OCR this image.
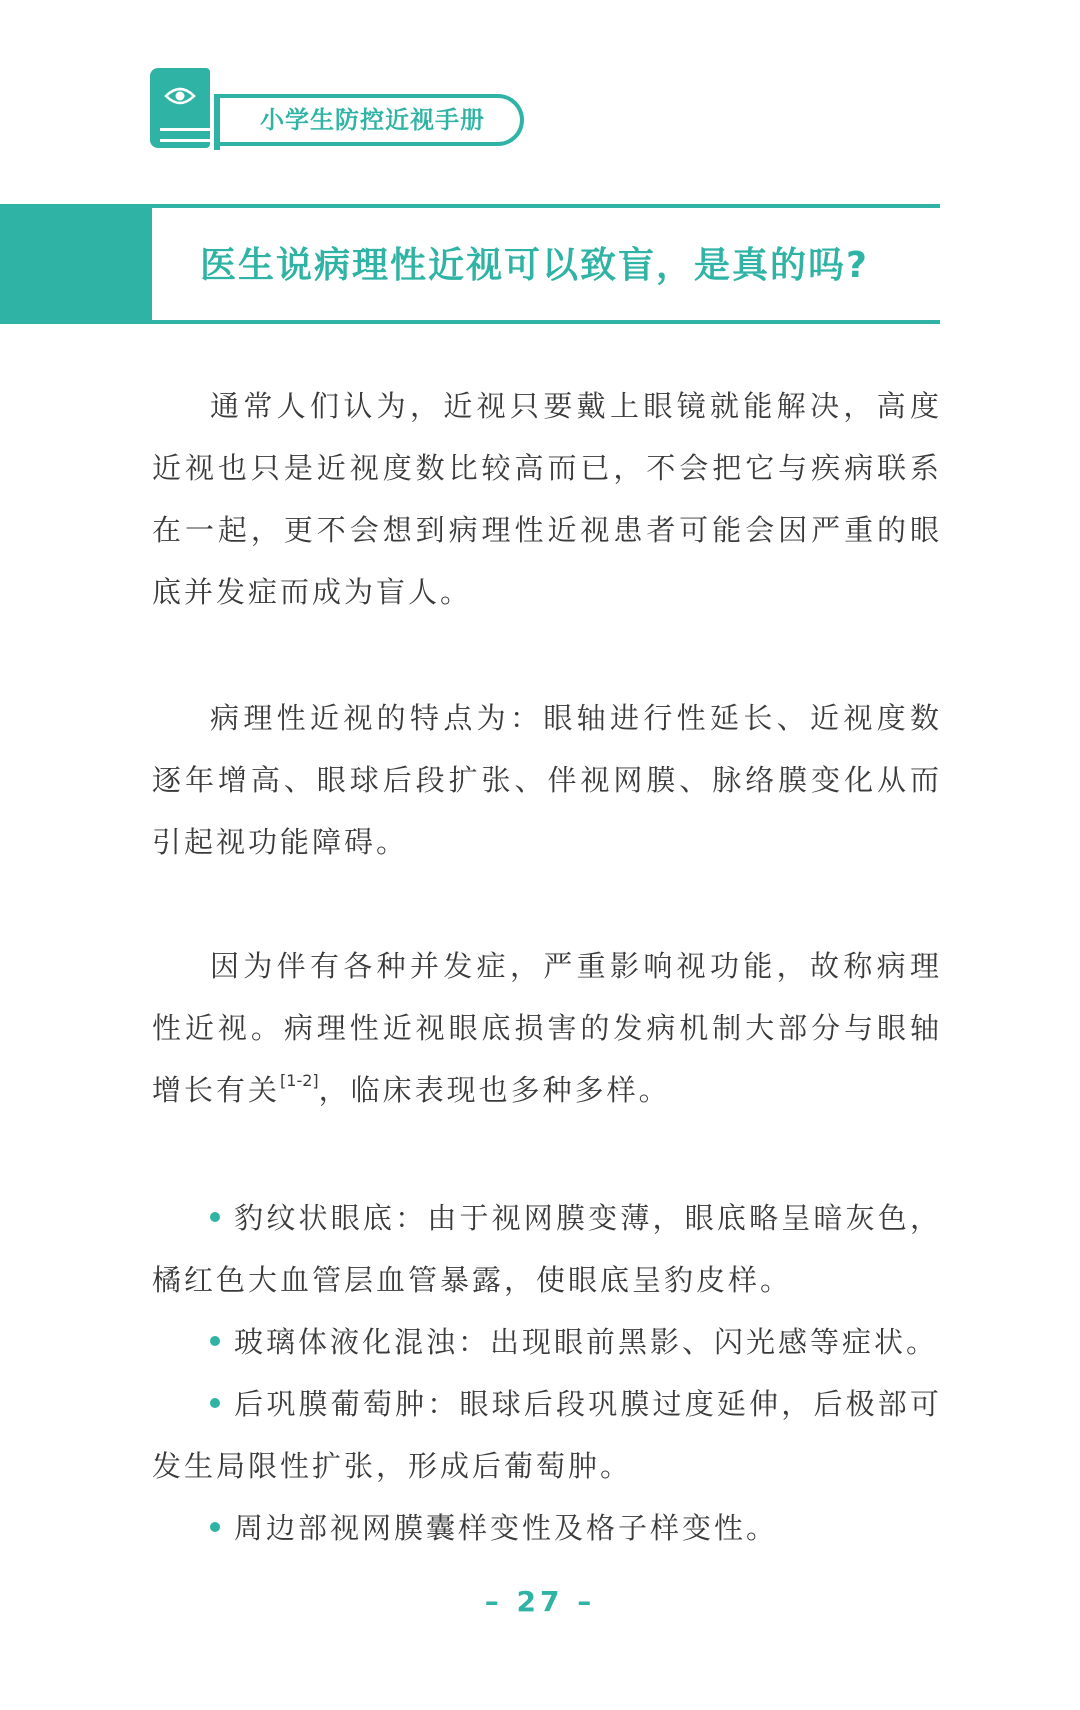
小学生防控近视手册
医生说病理性近视可以致盲，是真的吗?

通常人们认为，近视只要戴上眼镜就能解决，高度近视也只是近视度数比较高而已，不会把它与疾病联系在一起，更不会想到病理性近视患者可能会因严重的眼底并发症而成为盲人。

病理性近视的特点为：眼轴进行性延长、近视度数逐年增高、眼球后段扩张、伴视网膜、脉络膜变化从而引起视功能障碍。

因为伴有各种并发症，严重影响视功能，故称病理性近视。病理性近视眼底损害的发病机制大部分与眼轴增长有关[1-2]，临床表现也多种多样。

豹纹状眼底：由于视网膜变薄，眼底略呈暗灰色，橘红色大血管层血管暴露，使眼底呈豹皮样。

玻璃体液化混浊：出现眼前黑影、闪光感等症状。

后巩膜葡萄肿：眼球后段巩膜过度延伸，后极部可发生局限性扩张，形成后葡萄肿。

周边部视网膜囊样变性及格子样变性。

– 27 –
